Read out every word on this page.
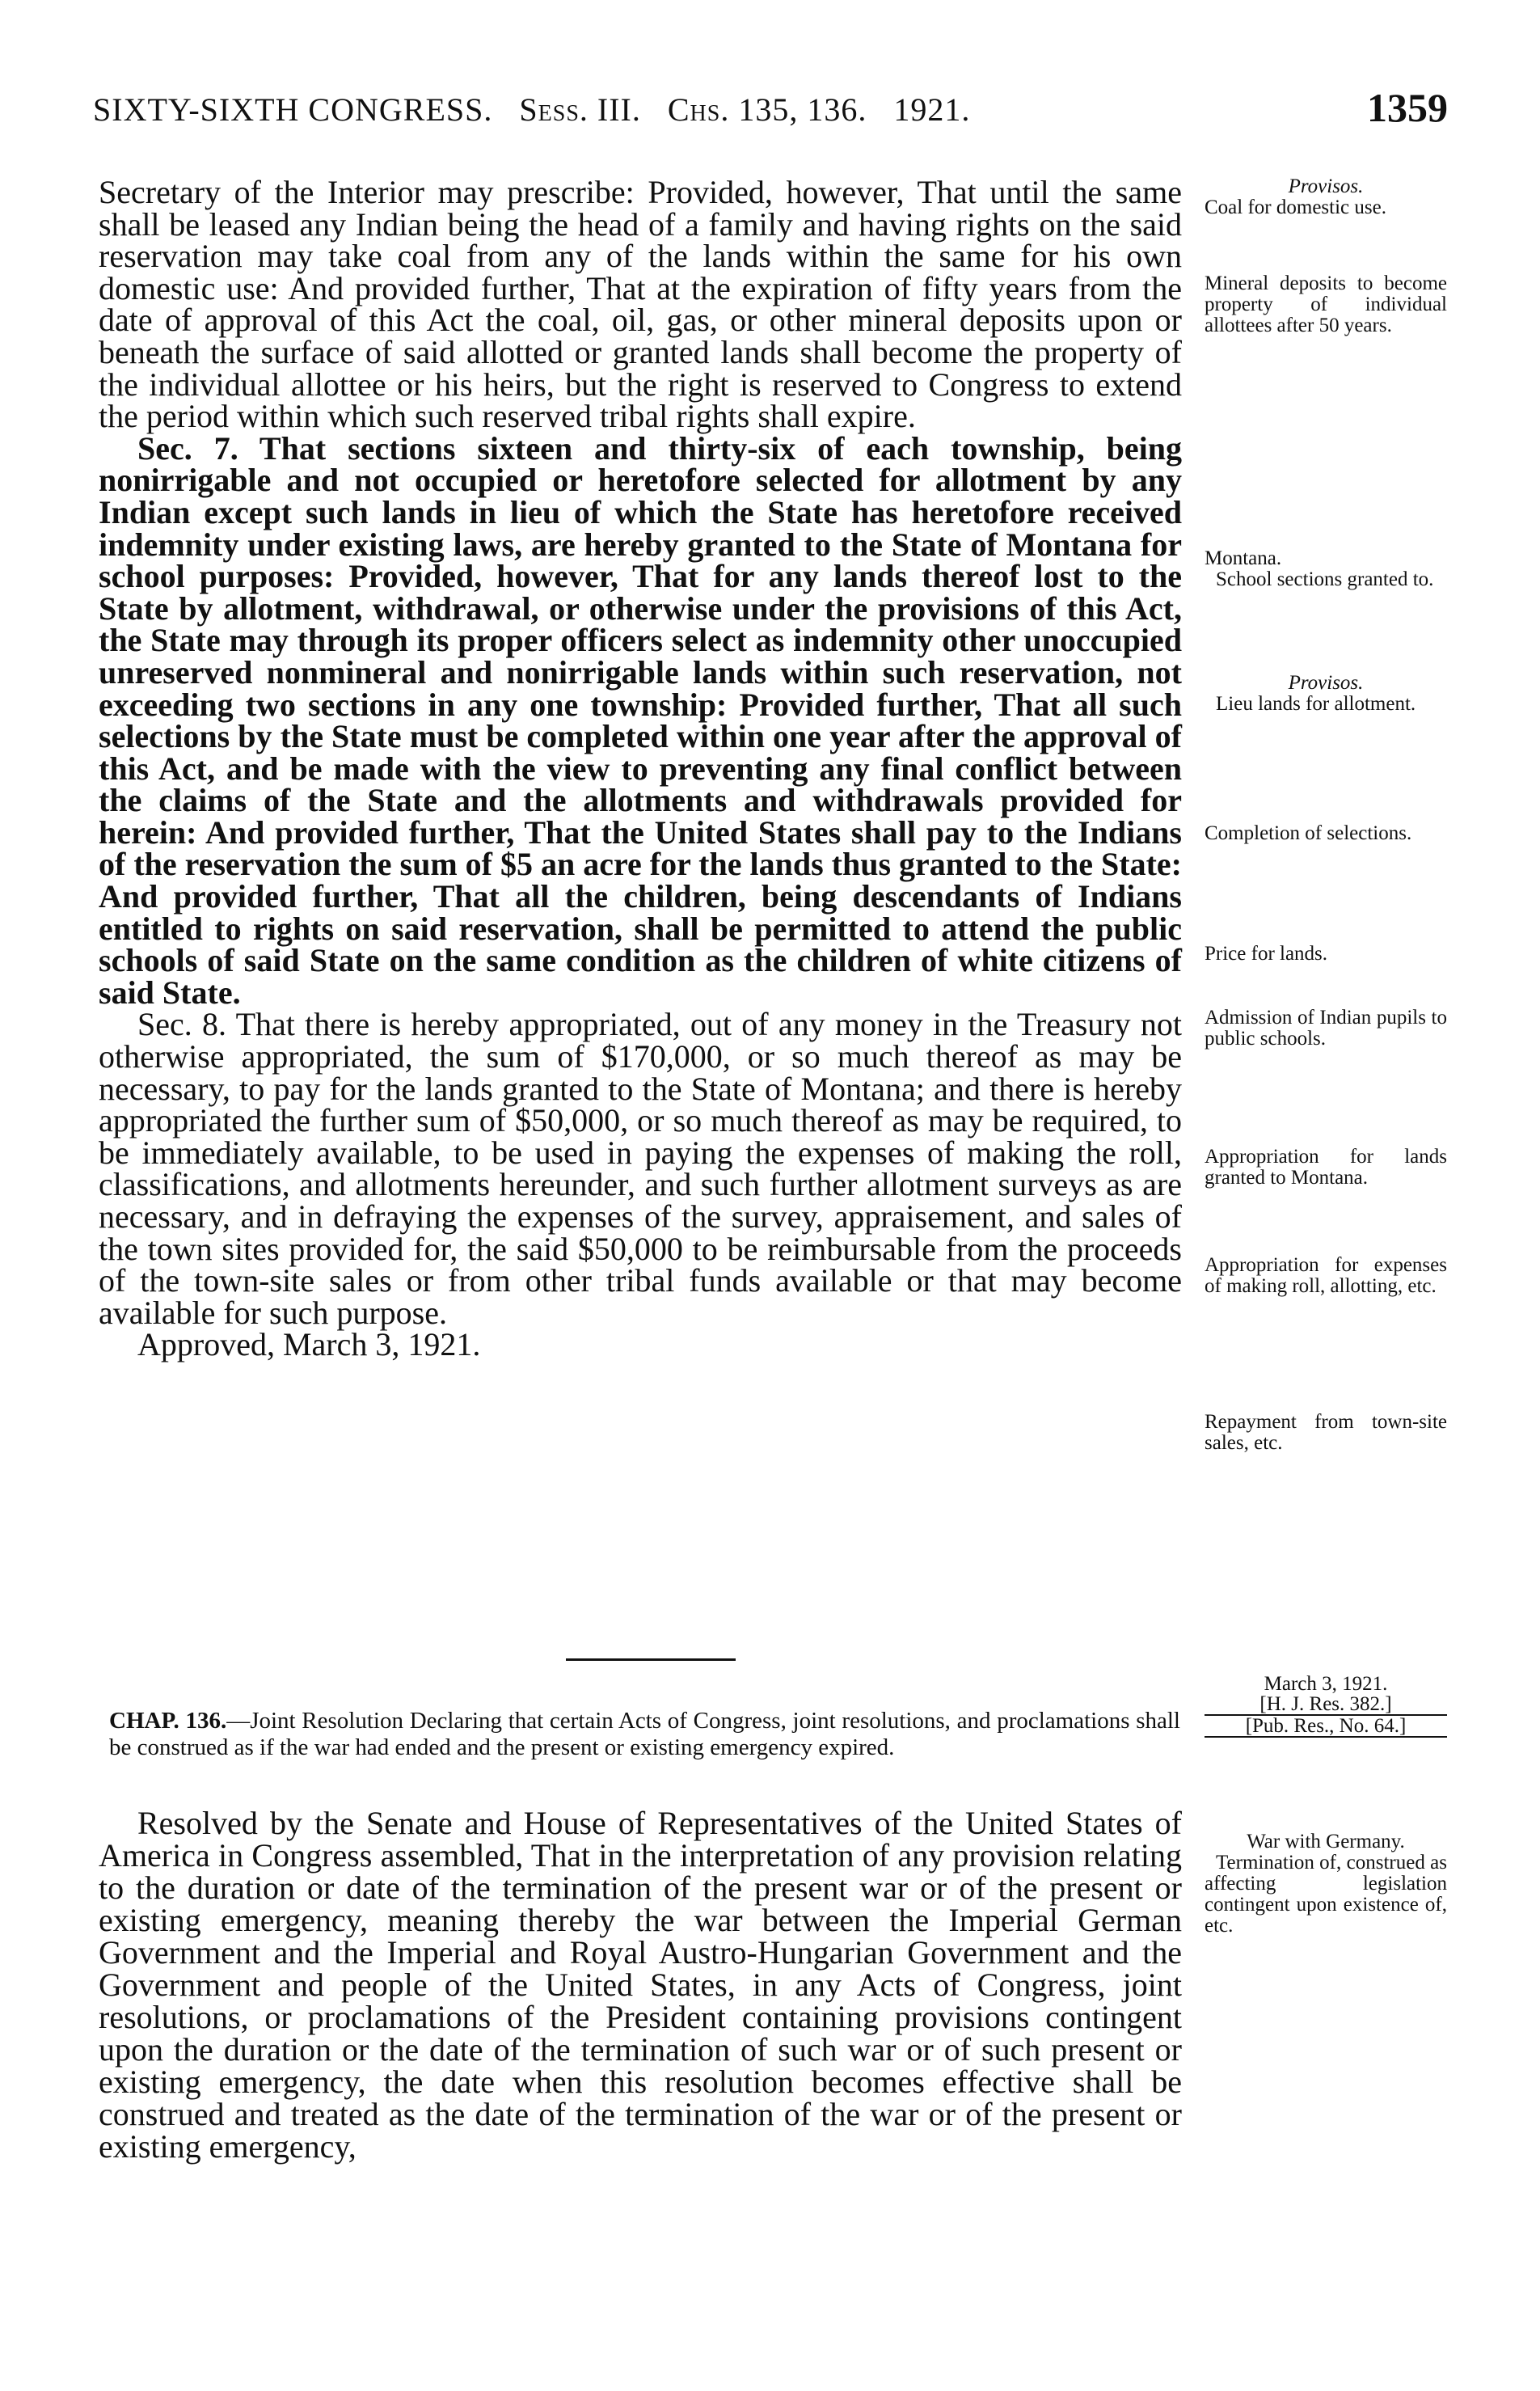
SIXTY-SIXTH CONGRESS. Sess. III. Chs. 135, 136. 1921.	1359

Secretary of the Interior may prescribe: Provided, however, That until the same shall be leased any Indian being the head of a family and having rights on the said reservation may take coal from any of the lands within the same for his own domestic use: And provided further, That at the expiration of fifty years from the date of approval of this Act the coal, oil, gas, or other mineral deposits upon or beneath the surface of said allotted or granted lands shall become the property of the individual allottee or his heirs, but the right is reserved to Congress to extend the period within which such reserved tribal rights shall expire.

Sec. 7. That sections sixteen and thirty-six of each township, being nonirrigable and not occupied or heretofore selected for allotment by any Indian except such lands in lieu of which the State has heretofore received indemnity under existing laws, are hereby granted to the State of Montana for school purposes: Provided, however, That for any lands thereof lost to the State by allotment, withdrawal, or otherwise under the provisions of this Act, the State may through its proper officers select as indemnity other unoccupied unreserved nonmineral and nonirrigable lands within such reservation, not exceeding two sections in any one township: Provided further, That all such selections by the State must be completed within one year after the approval of this Act, and be made with the view to preventing any final conflict between the claims of the State and the allotments and withdrawals provided for herein: And provided further, That the United States shall pay to the Indians of the reservation the sum of $5 an acre for the lands thus granted to the State: And provided further, That all the children, being descendants of Indians entitled to rights on said reservation, shall be permitted to attend the public schools of said State on the same condition as the children of white citizens of said State.

Sec. 8. That there is hereby appropriated, out of any money in the Treasury not otherwise appropriated, the sum of $170,000, or so much thereof as may be necessary, to pay for the lands granted to the State of Montana; and there is hereby appropriated the further sum of $50,000, or so much thereof as may be required, to be immediately available, to be used in paying the expenses of making the roll, classifications, and allotments hereunder, and such further allotment surveys as are necessary, and in defraying the expenses of the survey, appraisement, and sales of the town sites provided for, the said $50,000 to be reimbursable from the proceeds of the town-site sales or from other tribal funds available or that may become available for such purpose.

Approved, March 3, 1921.

CHAP. 136.—Joint Resolution Declaring that certain Acts of Congress, joint resolutions, and proclamations shall be construed as if the war had ended and the present or existing emergency expired.

Resolved by the Senate and House of Representatives of the United States of America in Congress assembled, That in the interpretation of any provision relating to the duration or date of the termination of the present war or of the present or existing emergency, meaning thereby the war between the Imperial German Government and the Imperial and Royal Austro-Hungarian Government and the Government and people of the United States, in any Acts of Congress, joint resolutions, or proclamations of the President containing provisions contingent upon the duration or the date of the termination of such war or of such present or existing emergency, the date when this resolution becomes effective shall be construed and treated as the date of the termination of the war or of the present or existing emergency,

Provisos.
Coal for domestic use.
Mineral deposits to become property of individual allottees after 50 years.
Montana.
School sections granted to.
Provisos.
Lieu lands for allotment.
Completion of selections.
Price for lands.
Admission of Indian pupils to public schools.
Appropriation for lands granted to Montana.
Appropriation for expenses of making roll, allotting, etc.
Repayment from town-site sales, etc.
March 3, 1921.
[H. J. Res. 382.]
[Pub. Res., No. 64.]
War with Germany.
Termination of, construed as affecting legislation contingent upon existence of, etc.
